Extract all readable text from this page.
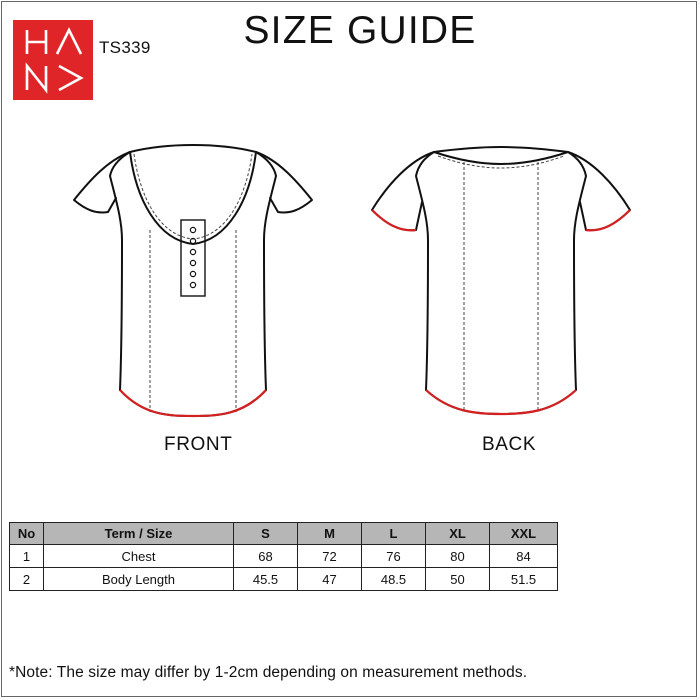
TS339	SIZE GUIDE
FRONT	BACK
No	Term / Size	S	M	L	XL	XXL
1	Chest	68	72	76	80	84
2	Body Length	45.5	47	48.5	50	51.5
*Note: The size may differ by 1-2cm depending on measurement methods.
